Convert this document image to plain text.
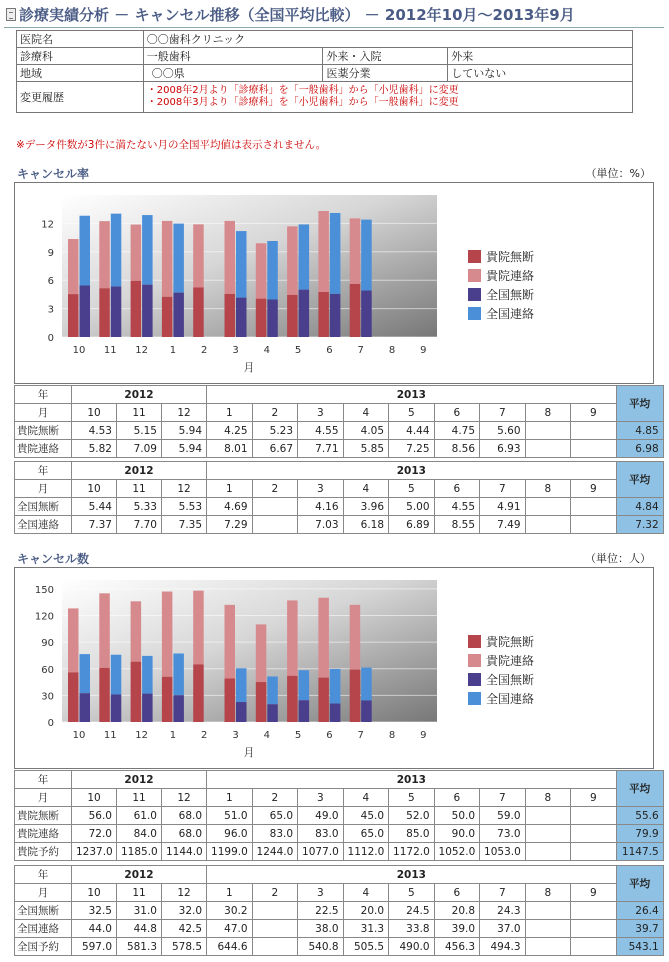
診療実績分析 － キャンセル推移（全国平均比較） － 2012年10月～2013年9月
医院名	〇〇歯科クリニック		
診療科	一般歯科	外来・入院	外来
地域	〇〇県	医薬分業	していない
変更履歴	・2008年2月より「診療科」を「一般歯科」から「小児歯科」に変更
・2008年3月より「診療科」を「小児歯科」から「一般歯科」に変更		
※データ件数が3件に満たない月の全国平均値は表示されません。
キャンセル率	（単位：%）
0
3
6
9
12
10 11 12 1 2 3 4 5 6 7 8 9
月
貴院無断
貴院連絡
全国無断
全国連絡
年	2012			2013									平均
月	10	11	12	1	2	3	4	5	6	7	8	9	
貴院無断	4.53	5.15	5.94	4.25	5.23	4.55	4.05	4.44	4.75	5.60			4.85
貴院連絡	5.82	7.09	5.94	8.01	6.67	7.71	5.85	7.25	8.56	6.93			6.98
年	2012			2013									平均
月	10	11	12	1	2	3	4	5	6	7	8	9	
全国無断	5.44	5.33	5.53	4.69		4.16	3.96	5.00	4.55	4.91			4.84
全国連絡	7.37	7.70	7.35	7.29		7.03	6.18	6.89	8.55	7.49			7.32
キャンセル数	（単位：人）
0
30
60
90
120
150
10 11 12 1 2 3 4 5 6 7 8 9
月
貴院無断
貴院連絡
全国無断
全国連絡
年	2012			2013									平均
月	10	11	12	1	2	3	4	5	6	7	8	9	
貴院無断	56.0	61.0	68.0	51.0	65.0	49.0	45.0	52.0	50.0	59.0			55.6
貴院連絡	72.0	84.0	68.0	96.0	83.0	83.0	65.0	85.0	90.0	73.0			79.9
貴院予約	1237.0	1185.0	1144.0	1199.0	1244.0	1077.0	1112.0	1172.0	1052.0	1053.0			1147.5
年	2012			2013									平均
月	10	11	12	1	2	3	4	5	6	7	8	9	
全国無断	32.5	31.0	32.0	30.2		22.5	20.0	24.5	20.8	24.3			26.4
全国連絡	44.0	44.8	42.5	47.0		38.0	31.3	33.8	39.0	37.0			39.7
全国予約	597.0	581.3	578.5	644.6		540.8	505.5	490.0	456.3	494.3			543.1
